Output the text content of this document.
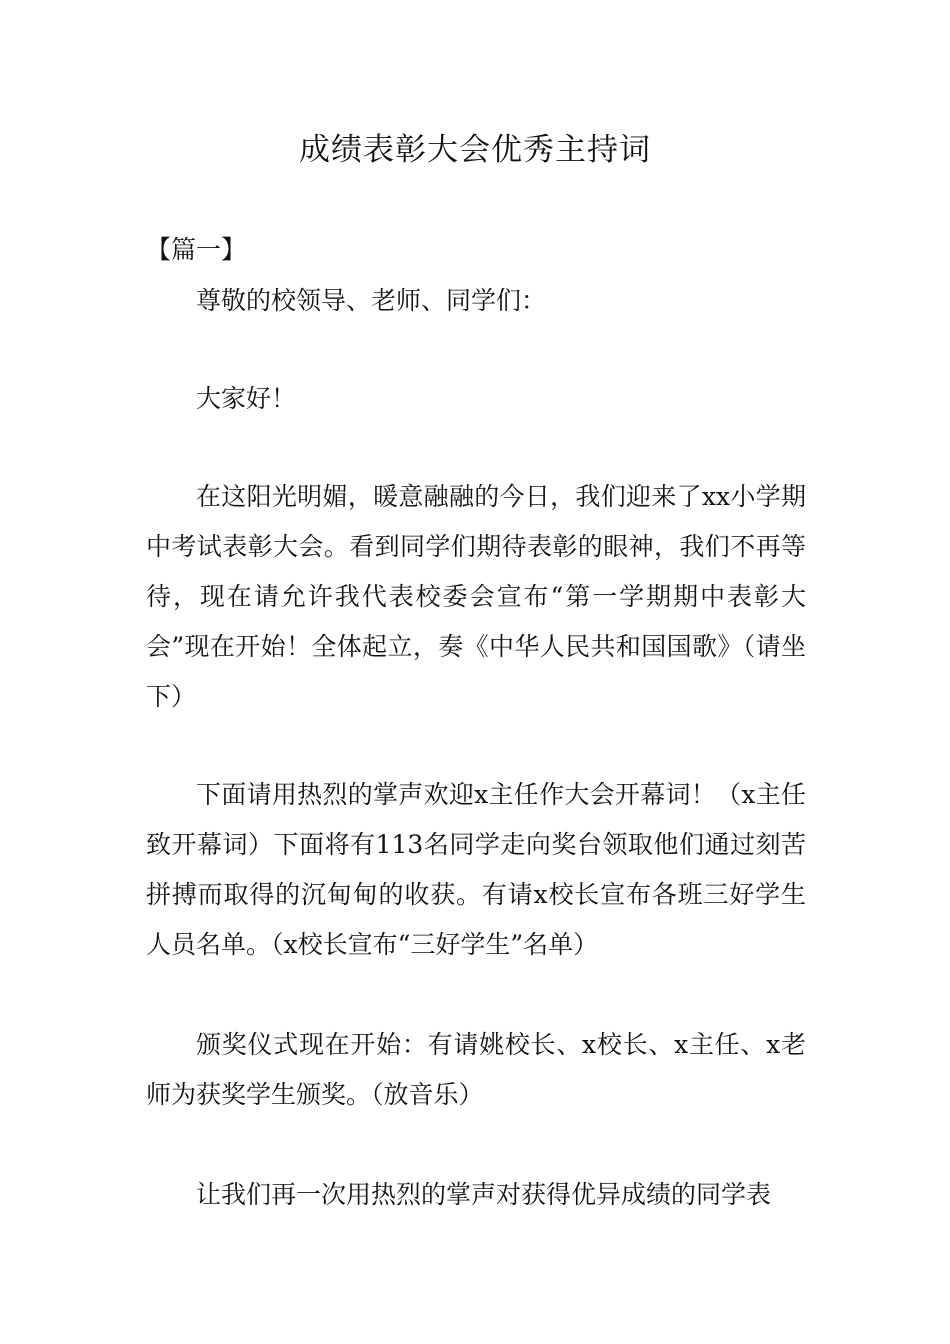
成绩表彰大会优秀主持词
【篇一】

尊敬的校领导、老师、同学们：

大家好！

在这阳光明媚，暖意融融的今日，我们迎来了xx小学期中考试表彰大会。看到同学们期待表彰的眼神，我们不再等待，现在请允许我代表校委会宣布“第一学期期中表彰大会”现在开始！全体起立，奏《中华人民共和国国歌》（请坐下）

下面请用热烈的掌声欢迎x主任作大会开幕词！（x主任致开幕词）下面将有113名同学走向奖台领取他们通过刻苦拼搏而取得的沉甸甸的收获。有请x校长宣布各班三好学生人员名单。（x校长宣布“三好学生”名单）

颁奖仪式现在开始：有请姚校长、x校长、x主任、x老师为获奖学生颁奖。（放音乐）

让我们再一次用热烈的掌声对获得优异成绩的同学表
